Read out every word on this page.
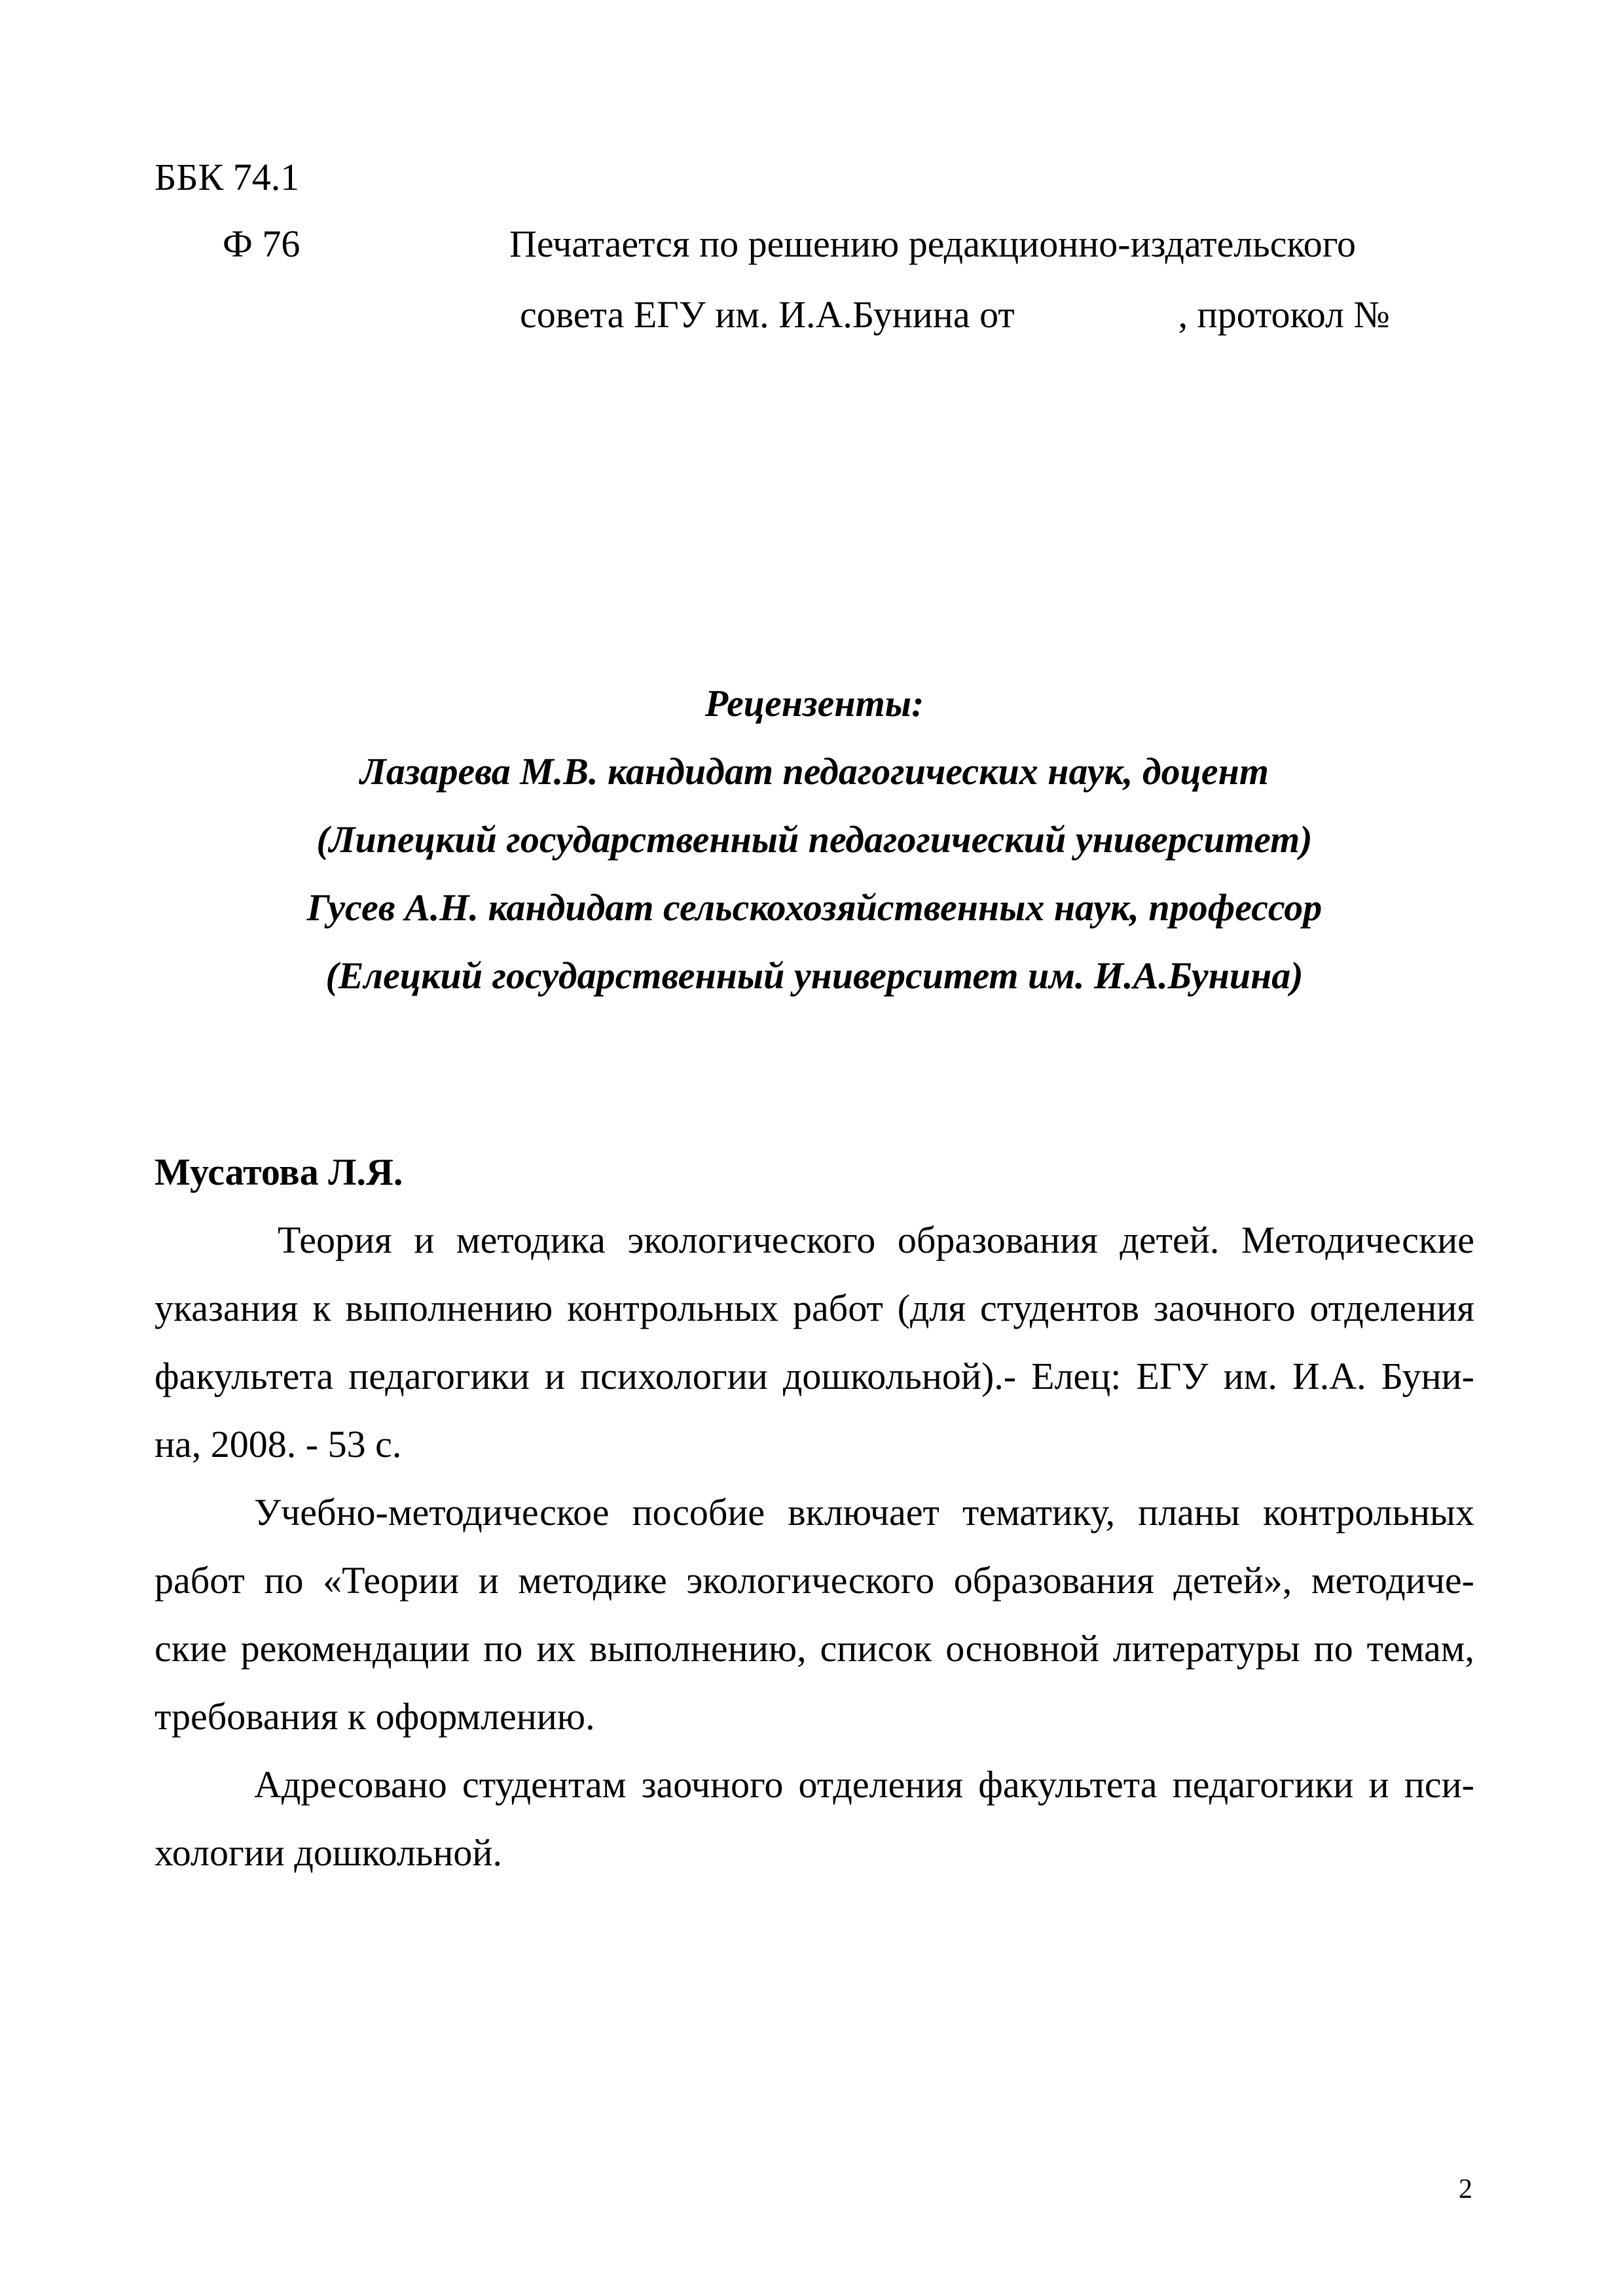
ББК 74.1
Ф 76	Печатается по решению редакционно-издательского
совета ЕГУ им. И.А.Бунина от	, протокол №
Рецензенты:
Лазарева М.В. кандидат педагогических наук, доцент
(Липецкий государственный педагогический университет)
Гусев А.Н. кандидат сельскохозяйственных наук, профессор
(Елецкий государственный университет им. И.А.Бунина)
Мусатова Л.Я.
Теория и методика экологического образования детей. Методические
указания к выполнению контрольных работ (для студентов заочного отделения
факультета педагогики и психологии дошкольной).- Елец: ЕГУ им. И.А. Буни-
на, 2008. - 53 с.
Учебно-методическое пособие включает тематику, планы контрольных
работ по «Теории и методике экологического образования детей», методиче-
ские рекомендации по их выполнению, список основной литературы по темам,
требования к оформлению.
Адресовано студентам заочного отделения факультета педагогики и пси-
хологии дошкольной.
2
